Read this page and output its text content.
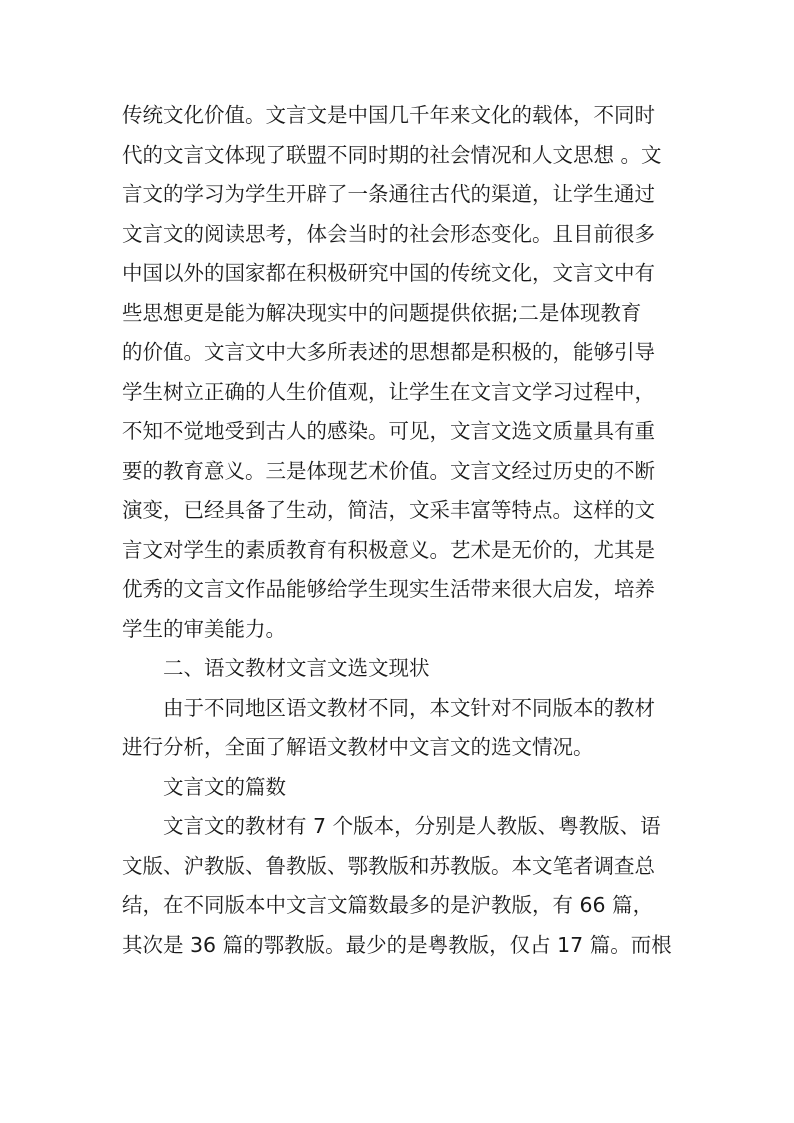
传统文化价值。文言文是中国几千年来文化的载体，不同时
代的文言文体现了联盟不同时期的社会情况和人文思想 。文
言文的学习为学生开辟了一条通往古代的渠道，让学生通过
文言文的阅读思考，体会当时的社会形态变化。且目前很多
中国以外的国家都在积极研究中国的传统文化，文言文中有
些思想更是能为解决现实中的问题提供依据;二是体现教育
的价值。文言文中大多所表述的思想都是积极的，能够引导
学生树立正确的人生价值观，让学生在文言文学习过程中，
不知不觉地受到古人的感染。可见，文言文选文质量具有重
要的教育意义。三是体现艺术价值。文言文经过历史的不断
演变，已经具备了生动，简洁，文采丰富等特点。这样的文
言文对学生的素质教育有积极意义。艺术是无价的，尤其是
优秀的文言文作品能够给学生现实生活带来很大启发，培养
学生的审美能力。
二、语文教材文言文选文现状
由于不同地区语文教材不同，本文针对不同版本的教材
进行分析，全面了解语文教材中文言文的选文情况。
文言文的篇数
文言文的教材有 7 个版本，分别是人教版、粤教版、语
文版、沪教版、鲁教版、鄂教版和苏教版。本文笔者调查总
结，在不同版本中文言文篇数最多的是沪教版，有 66 篇，
其次是 36 篇的鄂教版。最少的是粤教版，仅占 17 篇。而根
